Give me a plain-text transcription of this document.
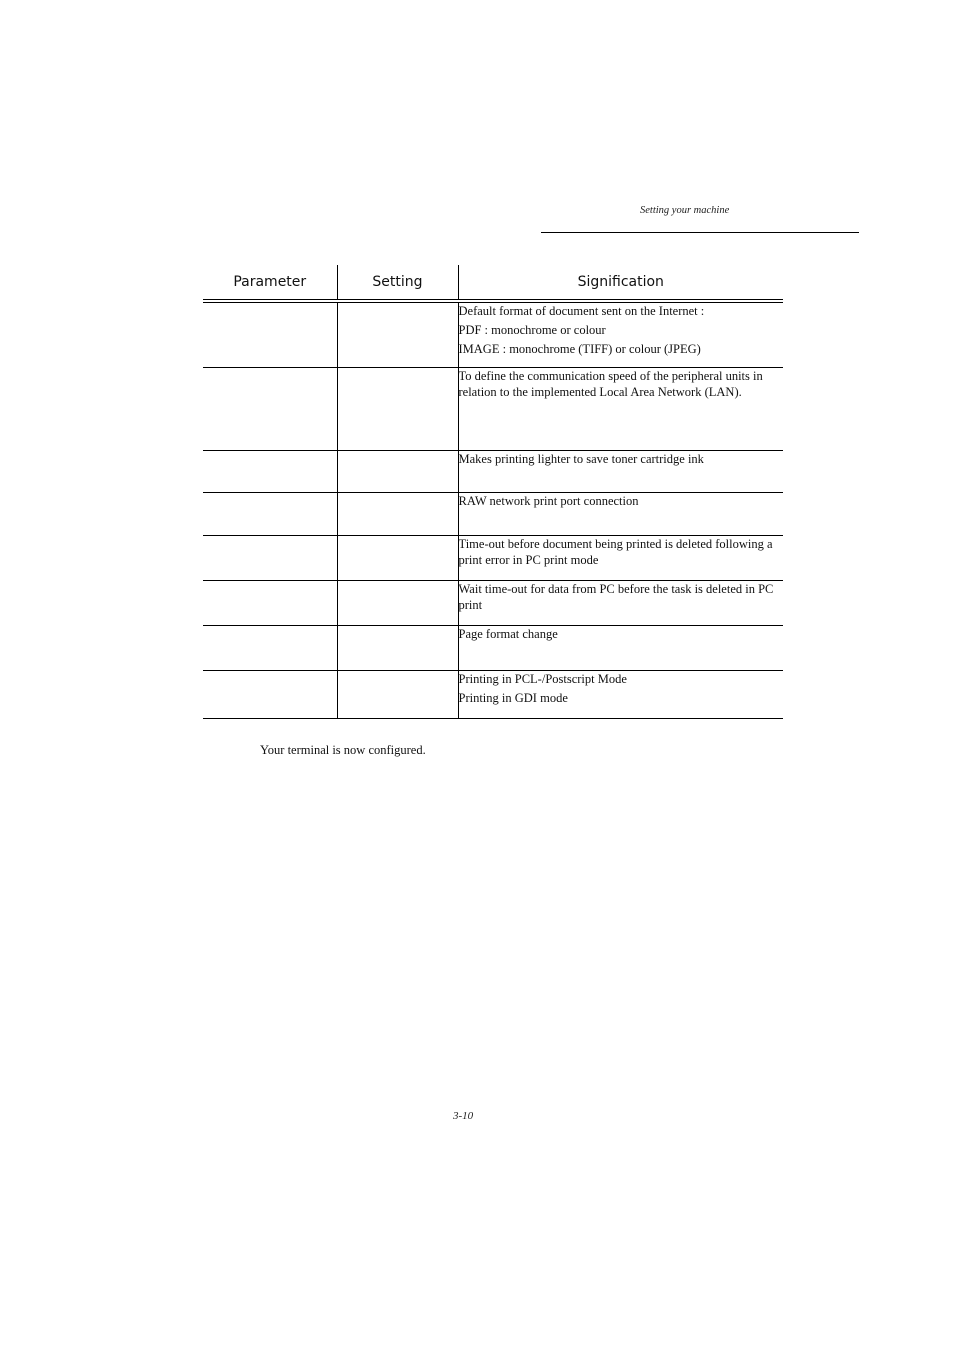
Setting your machine
Parameter	Setting	Signification

		Default format of document sent on the Internet :
PDF : monochrome or colour
IMAGE : monochrome (TIFF) or colour (JPEG)

		To define the communication speed of the peripheral units in relation to the implemented Local Area Network (LAN).

		Makes printing lighter to save toner cartridge ink

		RAW network print port connection

		Time-out before document being printed is deleted following a print error in PC print mode

		Wait time-out for data from PC before the task is deleted in PC print

		Page format change

		Printing in PCL-/Postscript Mode
Printing in GDI mode
Your terminal is now configured.
3-10
